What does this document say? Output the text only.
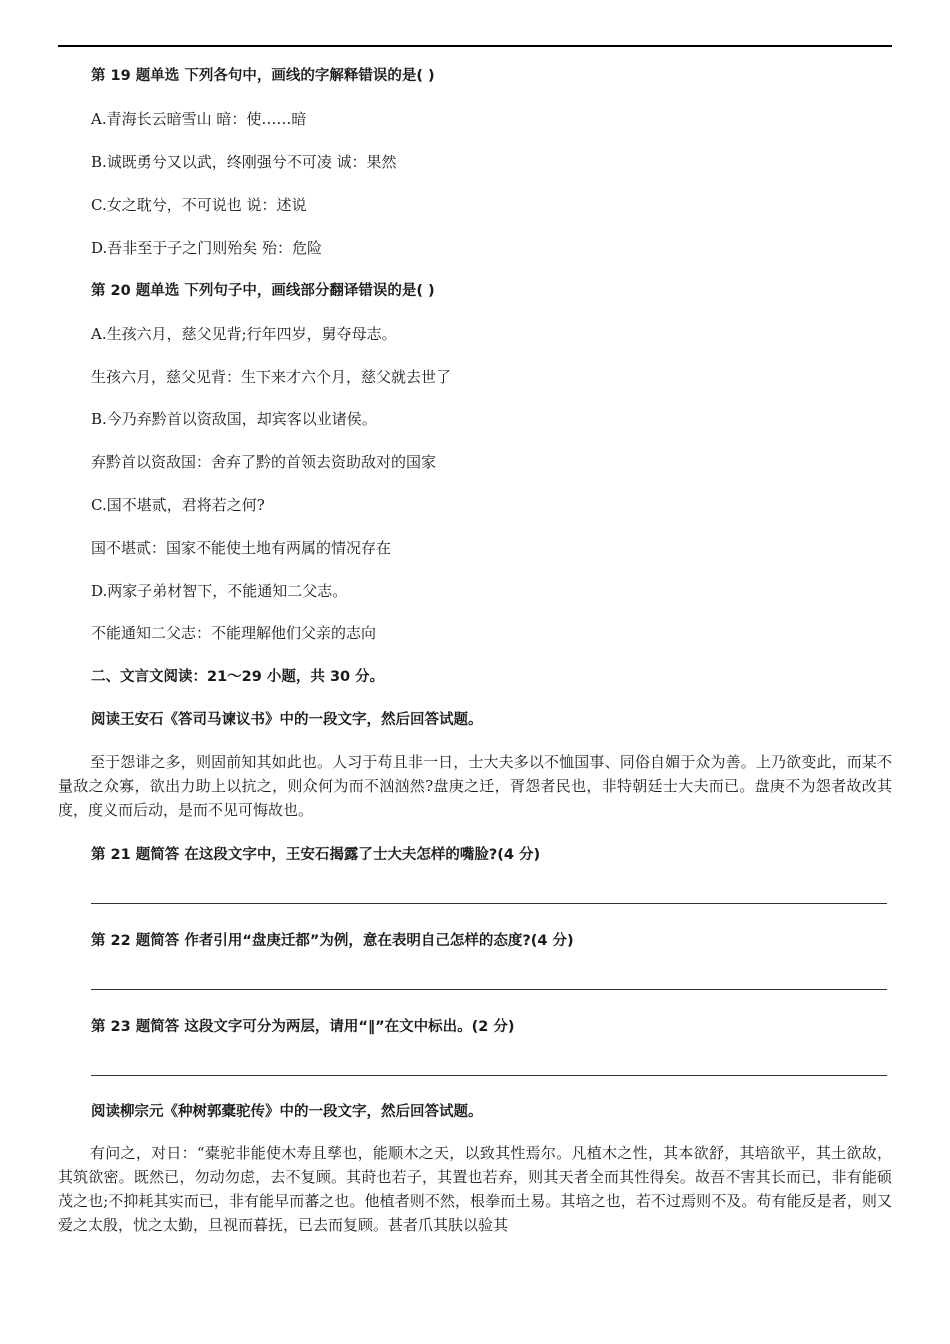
第 19 题单选 下列各句中，画线的字解释错误的是( )
A.青海长云暗雪山 暗：使……暗
B.诚既勇兮又以武，终刚强兮不可凌 诚：果然
C.女之耽兮，不可说也 说：述说
D.吾非至于子之门则殆矣 殆：危险
第 20 题单选 下列句子中，画线部分翻译错误的是( )
A.生孩六月，慈父见背;行年四岁，舅夺母志。
生孩六月，慈父见背：生下来才六个月，慈父就去世了
B.今乃弃黔首以资敌国，却宾客以业诸侯。
弃黔首以资敌国：舍弃了黔的首领去资助敌对的国家
C.国不堪贰，君将若之何?
国不堪贰：国家不能使土地有两属的情况存在
D.两家子弟材智下，不能通知二父志。
不能通知二父志：不能理解他们父亲的志向
二、文言文阅读：21～29 小题，共 30 分。
阅读王安石《答司马谏议书》中的一段文字，然后回答试题。
至于怨诽之多，则固前知其如此也。人习于苟且非一日，士大夫多以不恤国事、同俗自媚于众为善。上乃欲变此，而某不量敌之众寡，欲出力助上以抗之，则众何为而不汹汹然?盘庚之迁，胥怨者民也，非特朝廷士大夫而已。盘庚不为怨者故改其度，度义而后动，是而不见可悔故也。
第 21 题简答 在这段文字中，王安石揭露了士大夫怎样的嘴脸?(4 分)
第 22 题简答 作者引用“盘庚迁都”为例，意在表明自己怎样的态度?(4 分)
第 23 题简答 这段文字可分为两层，请用“‖”在文中标出。(2 分)
阅读柳宗元《种树郭橐驼传》中的一段文字，然后回答试题。
有问之，对日：“橐驼非能使木寿且孳也，能顺木之天，以致其性焉尔。凡植木之性，其本欲舒，其培欲平，其土欲故，其筑欲密。既然已，勿动勿虑，去不复顾。其莳也若子，其置也若弃，则其天者全而其性得矣。故吾不害其长而已，非有能硕茂之也;不抑耗其实而已，非有能早而蕃之也。他植者则不然，根拳而土易。其培之也，若不过焉则不及。苟有能反是者，则又爱之太殷，忧之太勤，旦视而暮抚，已去而复顾。甚者爪其肤以验其
